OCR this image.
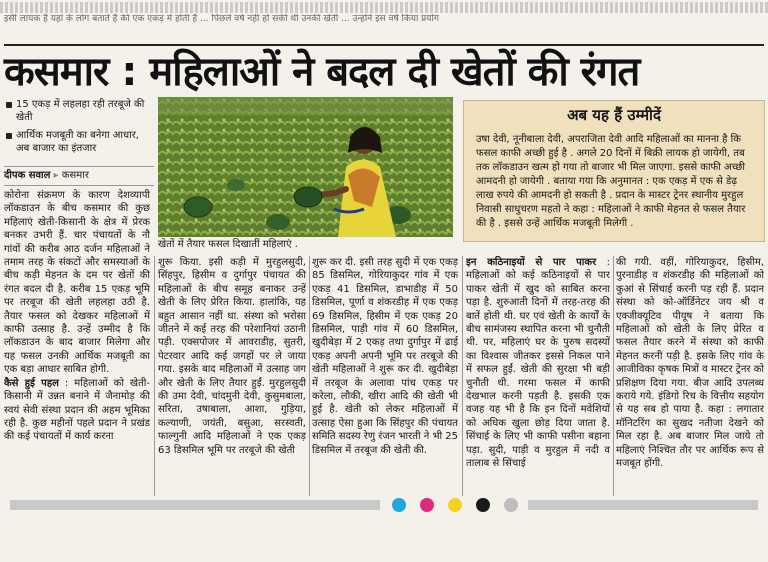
इसी लायक हैं यहां के लोग बताते हैं की एक एकड़ में होती है ... पिछले वर्ष नहीं हो सकी थी उनकी खेती ... उन्होंने इस वर्ष किया प्रयोग
कसमार : महिलाओं ने बदल दी खेतों की रंगत
15 एकड़ में लहलहा रही तरबूजे की खेती
आर्थिक मजबूती का बनेगा आधार, अब बाजार का इंतजार
दीपक सवाल ▸ कसमार
खेतों में तैयार फसल दिखातीं महिलाएं .
अब यह हैं उम्मीदें
उषा देवी, नूनीबाला देवी, अपराजिता देवी आदि महिलाओं का मानना है कि फसल काफी अच्छी हुई है . अगले 20 दिनों में बिक्री लायक हो जायेगी, तब तक लॉकडाउन खत्म हो गया तो बाजार भी मिल जाएगा. इससे काफी अच्छी आमदनी हो जायेगी . बताया गया कि अनुमानत : एक एकड़ में एक से डेढ़ लाख रुपये की आमदनी हो सकती है . प्रदान के मास्टर ट्रेनर स्थानीय मुरहुल निवासी साधुचरण महतो ने कहा : महिलाओं ने काफी मेहनत से फसल तैयार की है . इससे उन्हें आर्थिक मजबूती मिलेगी .
कोरोना संक्रमण के कारण देशव्यापी लॉकडाउन के बीच कसमार की कुछ महिलाएं खेती-किसानी के क्षेत्र में प्रेरक बनकर उभरी हैं. चार पंचायतों के नौ गांवों की करीब आठ दर्जन महिलाओं ने तमाम तरह के संकटों और समस्याओं के बीच कड़ी मेहनत के दम पर खेतों की रंगत बदल दी है. करीब 15 एकड़ भूमि पर तरबूज की खेती लहलहा उठी है. तैयार फसल को देखकर महिलाओं में काफी उत्साह है. उन्हें उम्मीद है कि लॉकडाउन के बाद बाजार मिलेगा और यह फसल उनकी आर्थिक मजबूती का एक बड़ा आधार साबित होगी.
कैसे हुई पहल : महिलाओं को खेती-किसानी में उन्नत बनाने में जैनामोड़ की स्वयं सेवी संस्था प्रदान की अहम भूमिका रही है. कुछ महीनों पहले प्रदान ने प्रखंड की कई पंचायतों में कार्य करना
शुरू किया. इसी कड़ी में मुरहुलसुदी, सिंहपुर, हिसीम व दुर्गापुर पंचायत की महिलाओं के बीच समूह बनाकर उन्हें खेती के लिए प्रेरित किया. हालांकि, यह बहुत आसान नहीं था. संस्था को भरोसा जीतने में कई तरह की परेशानियां उठानी पड़ी. एक्सपोजर में आवराडीह, सुतरी, पेटरवार आदि कई जगहों पर ले जाया गया. इसके बाद महिलाओं में उत्साह जग और खेती के लिए तैयार हुईं. मुरहुलसुदी की उमा देवी, चांदमुनी देवी, कुसुमबाला, सरिता, उषाबाला, आशा, गुड़िया, कल्याणी, जयंती, बसुआ, सरस्वती, फाल्गुनी आदि महिलाओं ने एक एकड़ 63 डिसमिल भूमि पर तरबूजे की खेती
शुरू कर दी. इसी तरह सुदी में एक एकड़ 85 डिसमिल, गोरियाकुदर गांव में एक एकड़ 41 डिसमिल, डाभाडीह में 50 डिसमिल, पूर्णा व शंकरडीह में एक एकड़ 69 डिसमिल, हिसीम में एक एकड़ 20 डिसमिल, पाड़ी गांव में 60 डिसमिल, खुदीबेड़ा में 2 एकड़ तथा दुर्गापुर में ढाई एकड़ अपनी अपनी भूमि पर तरबूजे की खेती महिलाओं ने शुरू कर दी. खुदीबेड़ा में तरबूज के अलावा पांच एकड़ पर करेला, लौकी, खीरा आदि की खेती भी हुई है. खेती को लेकर महिलाओं में उत्साह ऐसा हुआ कि सिंहपुर की पंचायत समिति सदस्य रेणु रंजन भारती ने भी 25 डिसमिल में तरबूज की खेती की.
इन कठिनाइयों से पार पाकर : महिलाओं को कई कठिनाइयों से पार पाकर खेती में खुद को साबित करना पड़ा है. शुरुआती दिनों में तरह-तरह की बातें होती थी. घर एवं खेती के कार्यों के बीच सामंजस्य स्थापित करना भी चुनौती थी. पर, महिलाएं घर के पुरुष सदस्यों का विश्वास जीतकर इससे निकल पाने में सफल हुईं. खेती की सुरक्षा भी बड़ी चुनौती थी. गरमा फसल में काफी देखभाल करनी पड़ती है. इसकी एक वजह यह भी है कि इन दिनों मवेशियों को अधिक खुला छोड़ दिया जाता है. सिंचाई के लिए भी काफी पसीना बहाना पड़ा. सुदी, पाड़ी व मुरहुल में नदी व तालाब से सिंचाई
की गयी. वहीं, गोरियाकुदर, हिसीम, पुरनाडीह व शंकरडीह की महिलाओं को कुआं से सिंचाई करनी पड़ रही हैं. प्रदान संस्था को को-ऑर्डिनेटर जय श्री व एक्जीक्यूटिव पीयूष ने बताया कि महिलाओं को खेती के लिए प्रेरित व फसल तैयार करने में संस्था को काफी मेहनत करनी पड़ी है. इसके लिए गांव के आजीविका कृषक मित्रों व मास्टर ट्रेनर को प्रशिक्षण दिया गया. बीज आदि उपलब्ध कराये गये. इंडिगो रिच के वित्तीय सहयोग से यह सब हो पाया है. कहा : लगातार मॉनिटरिंग का सुखद नतीजा देखने को मिल रहा है. अब बाजार मिल जाये तो महिलाएं निश्चित तौर पर आर्थिक रूप से मजबूत होंगी.
